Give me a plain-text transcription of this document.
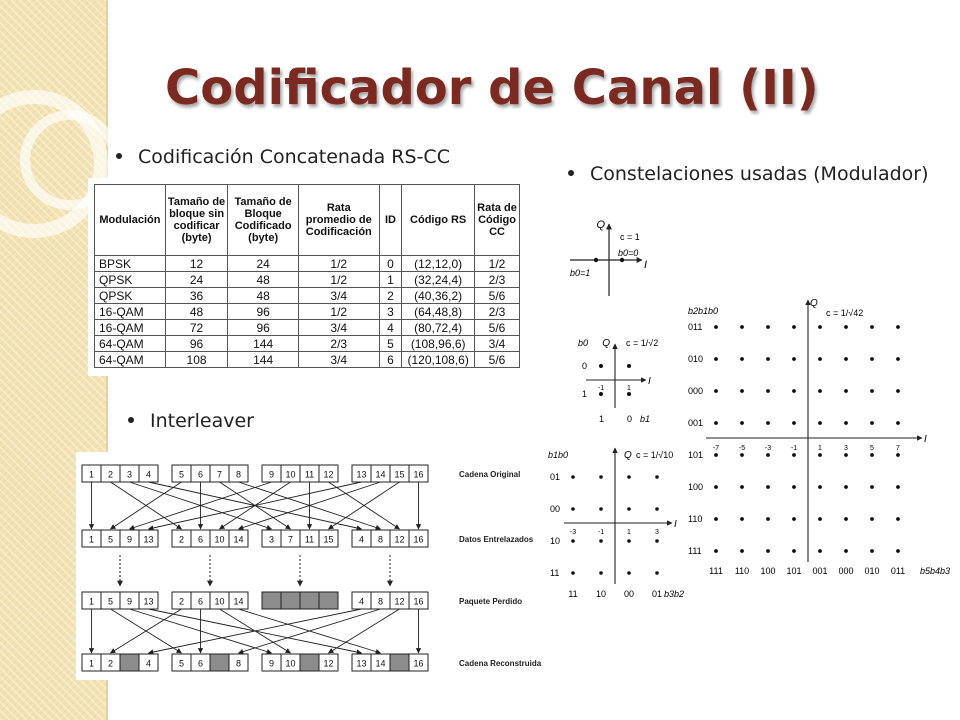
Codificador de Canal (II)
Codificación Concatenada RS-CC
Constelaciones usadas (Modulador)
Interleaver
Modulación	Tamaño de bloque sin codificar (byte)	Tamaño de Bloque Codificado (byte)	Rata promedio de Codificación	ID	Código RS	Rata de Código CC
BPSK	12	24	1/2	0	(12,12,0)	1/2
QPSK	24	48	1/2	1	(32,24,4)	2/3
QPSK	36	48	3/4	2	(40,36,2)	5/6
16-QAM	48	96	1/2	3	(64,48,8)	2/3
16-QAM	72	96	3/4	4	(80,72,4)	5/6
64-QAM	96	144	2/3	5	(108,96,6)	3/4
64-QAM	108	144	3/4	6	(120,108,6)	5/6
1 2 3 4	5 6 7 8	9 10 11 12	13 14 15 16
1 5 9 13	2 6 10 14	3 7 11 15	4 8 12 16
1 5 9 13	2 6 10 14	4 8 12 16
1 2	4	5 6	8	9 10	12	13 14	16
Cadena Original
Datos Entrelazados
Paquete Perdido
Cadena Reconstruida
Q
I
c = 1
b0=0
b0=1
Q
I
c = 1/√2
b0
0
1
1	0 b1
-1	1
01
00
10
11
11
-3
10
-1
00
1
01
3
Q
I
c = 1/√10
b1b0
b3b2
011
010
000
001
101
100
110
111
111
-7
110
-5
100
-3
101
-1
001
1
000
3
010
5
011
7
Q
I
c = 1/√42
b2b1b0
b5b4b3
